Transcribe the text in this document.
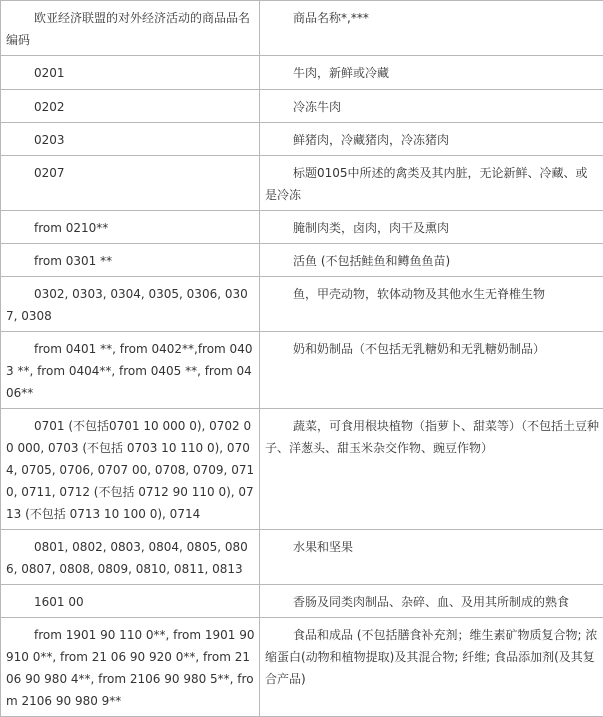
欧亚经济联盟的对外经济活动的商品品名编码	商品名称*,***
0201	牛肉，新鲜或冷藏
0202	冷冻牛肉
0203	鲜猪肉，冷藏猪肉，冷冻猪肉
0207	标题0105中所述的禽类及其内脏，无论新鲜、冷藏、或是冷冻
from 0210**	腌制肉类，卤肉，肉干及熏肉
from 0301 **	活鱼 (不包括鲑鱼和鳟鱼鱼苗)
0302, 0303, 0304, 0305, 0306, 0307, 0308	鱼，甲壳动物，软体动物及其他水生无脊椎生物
from 0401 **, from 0402**,from 0403 **, from 0404**, from 0405 **, from 0406**	奶和奶制品（不包括无乳糖奶和无乳糖奶制品）
0701 (不包括0701 10 000 0), 0702 00 000, 0703 (不包括 0703 10 110 0), 0704, 0705, 0706, 0707 00, 0708, 0709, 0710, 0711, 0712 (不包括 0712 90 110 0), 0713 (不包括 0713 10 100 0), 0714	蔬菜，可食用根块植物（指萝卜、甜菜等）（不包括土豆种子、洋葱头、甜玉米杂交作物、豌豆作物）
0801, 0802, 0803, 0804, 0805, 0806, 0807, 0808, 0809, 0810, 0811, 0813	水果和坚果
1601 00	香肠及同类肉制品、杂碎、血、及用其所制成的熟食
from 1901 90 110 0**, from 1901 90 910 0**, from 21 06 90 920 0**, from 2106 90 980 4**, from 2106 90 980 5**, from 2106 90 980 9**	食品和成品 (不包括膳食补充剂；维生素矿物质复合物; 浓缩蛋白(动物和植物提取)及其混合物; 纤维; 食品添加剂(及其复合产品)
